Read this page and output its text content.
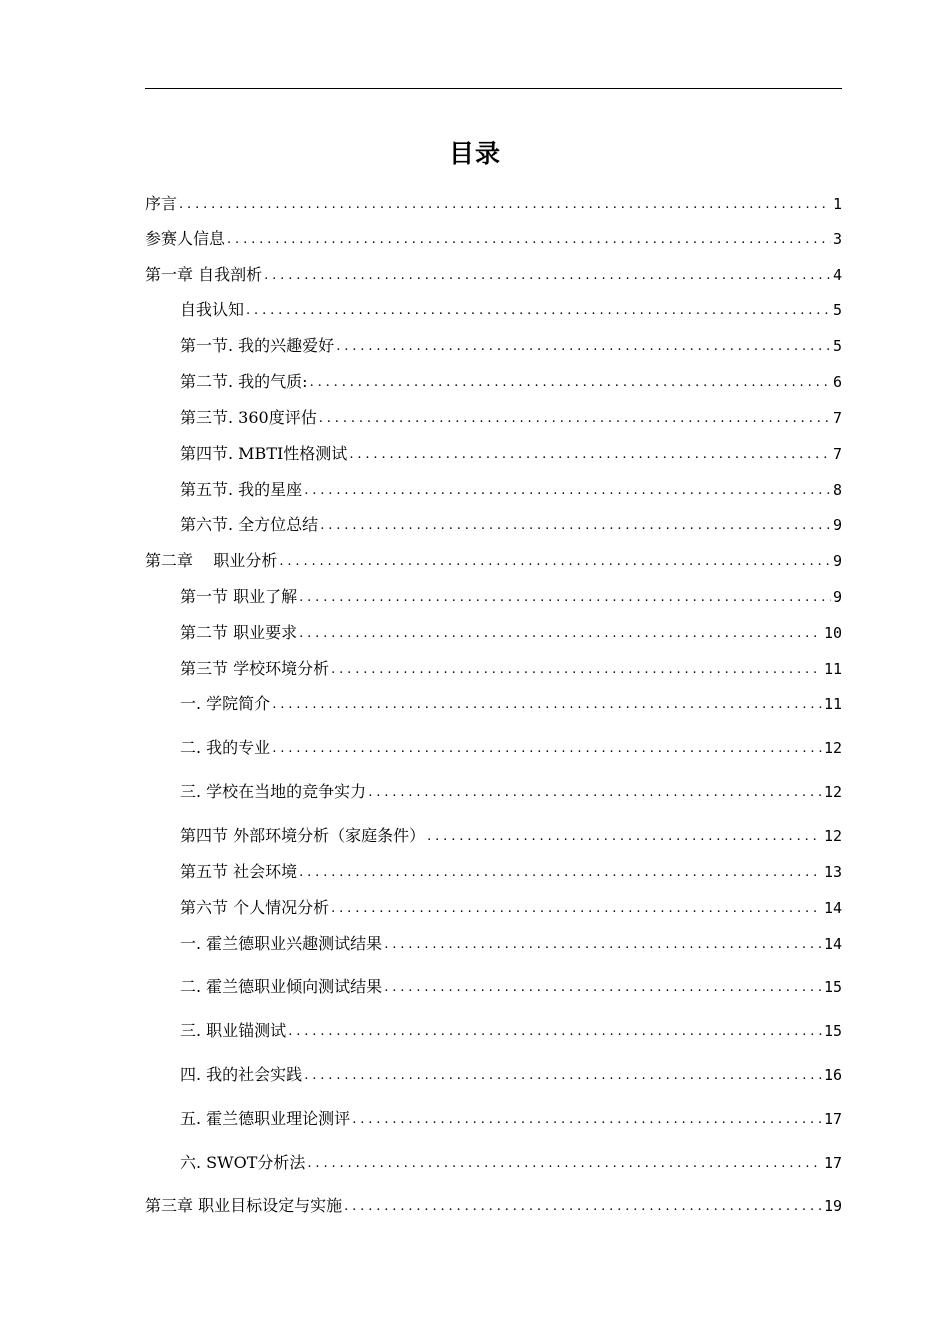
目录
序言 .....	1
参赛人信息 .....	3
第一章 自我剖析 .....	4
自我认知 .....	5
第一节. 我的兴趣爱好 .....	5
第二节. 我的气质: .....	6
第三节. 360度评估 .....	7
第四节. MBTI性格测试 .....	7
第五节. 我的星座 .....	8
第六节. 全方位总结 .....	9
第二章    职业分析 .....	9
第一节 职业了解 .....	9
第二节 职业要求 .....	10
第三节 学校环境分析 .....	11
一. 学院简介 .....	11
二. 我的专业 .....	12
三. 学校在当地的竞争实力 .....	12
第四节 外部环境分析（家庭条件） .....	12
第五节 社会环境 .....	13
第六节 个人情况分析 .....	14
一. 霍兰德职业兴趣测试结果 .....	14
二. 霍兰德职业倾向测试结果 .....	15
三. 职业锚测试 .....	15
四. 我的社会实践 .....	16
五. 霍兰德职业理论测评 .....	17
六. SWOT分析法 .....	17
第三章 职业目标设定与实施 .....	19
